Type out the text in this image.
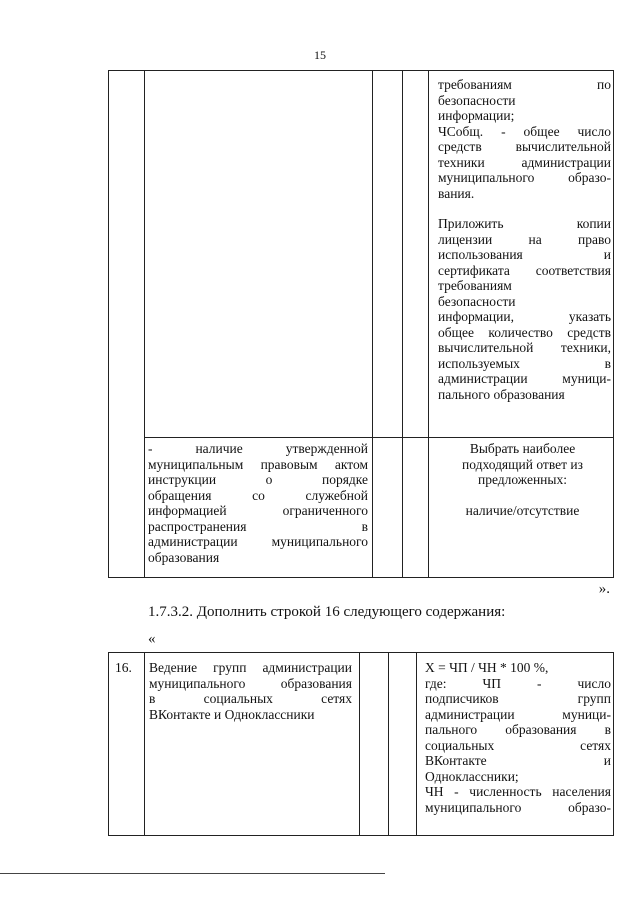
15

требованиям по

безопасности

информации;

ЧСобщ. - общее число

средств вычислительной

техники администрации

муниципального образо-

вания.

Приложить копии

лицензии на право

использования и

сертификата соответствия

требованиям

безопасности

информации, указать

общее количество средств

вычислительной техники,

используемых в

администрации муници-

пального образования

- наличие утвержденной

муниципальным правовым актом

инструкции о порядке

обращения со служебной

информацией ограниченного

распространения в

администрации муниципального

образования

Выбрать наиболее
подходящий ответ из
предложенных:
наличие/отсутствие
».
1.7.3.2. Дополнить строкой 16 следующего содержания:
«
16. Ведение групп администрации

муниципального образования

в социальных сетях

ВКонтакте и Одноклассники

Х = ЧП / ЧН * 100 %,

где: ЧП - число

подписчиков групп

администрации муници-

пального образования в

социальных сетях

ВКонтакте и

Одноклассники;

ЧН - численность населения

муниципального образо-
